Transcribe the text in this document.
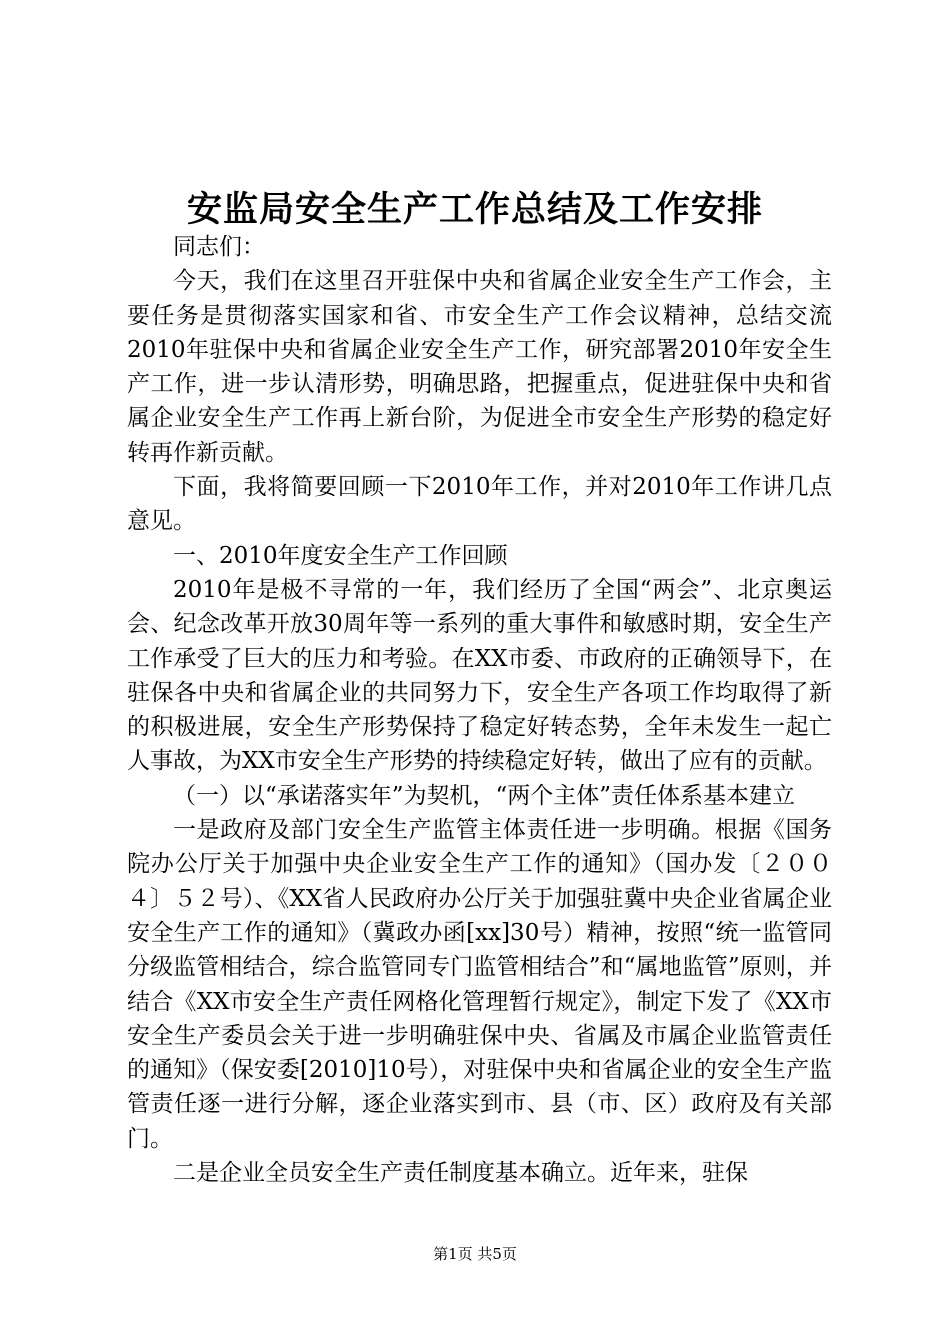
安监局安全生产工作总结及工作安排

同志们：

今天，我们在这里召开驻保中央和省属企业安全生产工作会，主要任务是贯彻落实国家和省、市安全生产工作会议精神，总结交流2010年驻保中央和省属企业安全生产工作，研究部署2010年安全生产工作，进一步认清形势，明确思路，把握重点，促进驻保中央和省属企业安全生产工作再上新台阶，为促进全市安全生产形势的稳定好转再作新贡献。

下面，我将简要回顾一下2010年工作，并对2010年工作讲几点意见。

一、2010年度安全生产工作回顾

2010年是极不寻常的一年，我们经历了全国“两会”、北京奥运会、纪念改革开放30周年等一系列的重大事件和敏感时期，安全生产工作承受了巨大的压力和考验。在XX市委、市政府的正确领导下，在驻保各中央和省属企业的共同努力下，安全生产各项工作均取得了新的积极进展，安全生产形势保持了稳定好转态势，全年未发生一起亡人事故，为XX市安全生产形势的持续稳定好转，做出了应有的贡献。

（一）以“承诺落实年”为契机，“两个主体”责任体系基本建立

一是政府及部门安全生产监管主体责任进一步明确。根据《国务院办公厅关于加强中央企业安全生产工作的通知》（国办发〔２００４〕５２号）、《XX省人民政府办公厅关于加强驻冀中央企业省属企业安全生产工作的通知》（冀政办函[xx]30号）精神，按照“统一监管同分级监管相结合，综合监管同专门监管相结合”和“属地监管”原则，并结合《XX市安全生产责任网格化管理暂行规定》，制定下发了《XX市安全生产委员会关于进一步明确驻保中央、省属及市属企业监管责任的通知》（保安委[2010]10号），对驻保中央和省属企业的安全生产监管责任逐一进行分解，逐企业落实到市、县（市、区）政府及有关部门。

二是企业全员安全生产责任制度基本确立。近年来，驻保

第1页 共5页
